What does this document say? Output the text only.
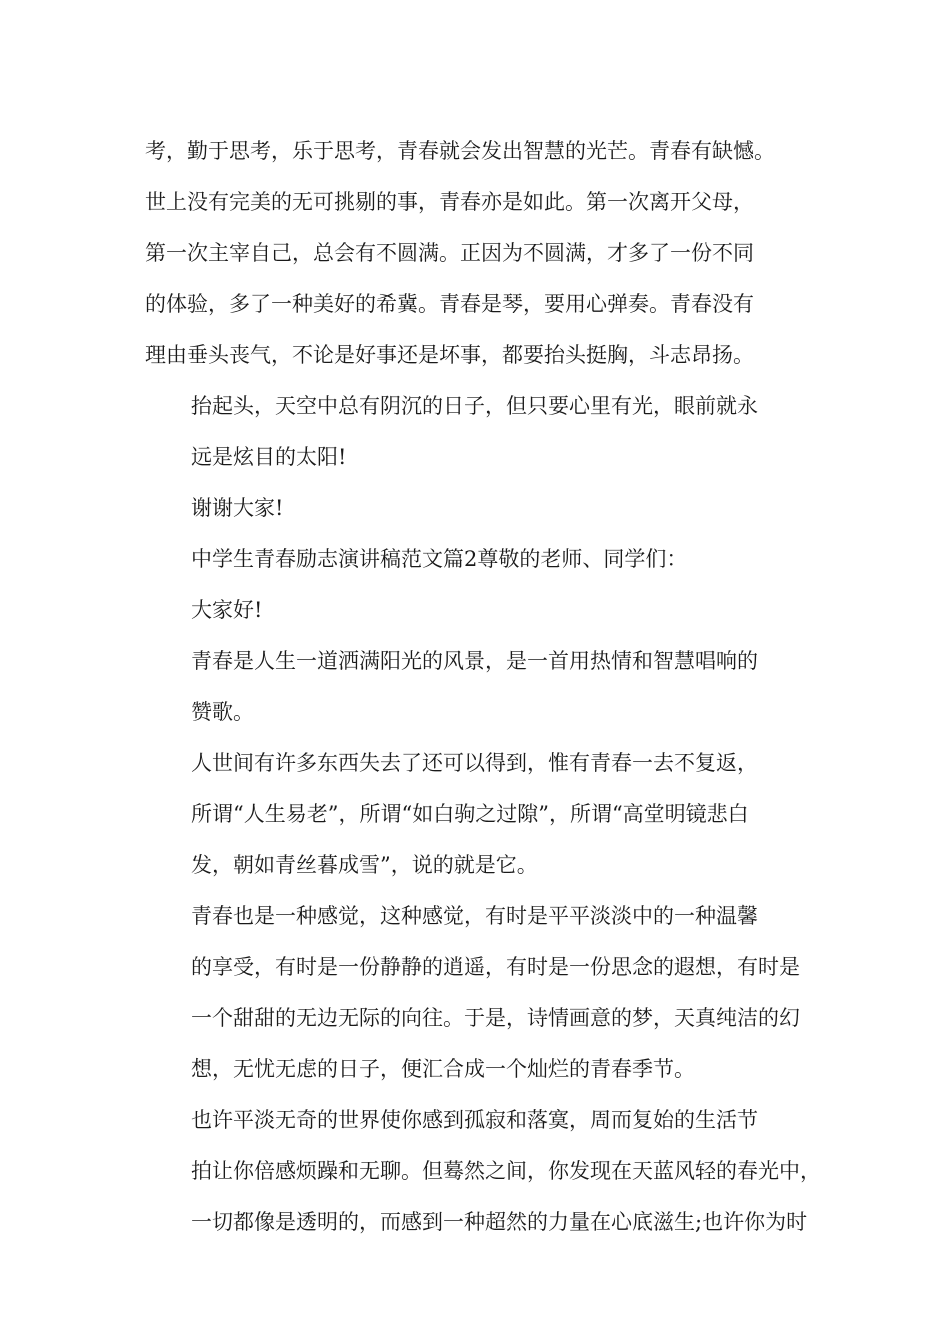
考，勤于思考，乐于思考，青春就会发出智慧的光芒。青春有缺憾。
世上没有完美的无可挑剔的事，青春亦是如此。第一次离开父母，
第一次主宰自己，总会有不圆满。正因为不圆满，才多了一份不同
的体验，多了一种美好的希冀。青春是琴，要用心弹奏。青春没有
理由垂头丧气，不论是好事还是坏事，都要抬头挺胸，斗志昂扬。
抬起头，天空中总有阴沉的日子，但只要心里有光，眼前就永
远是炫目的太阳!
谢谢大家!
中学生青春励志演讲稿范文篇2尊敬的老师、同学们：
大家好!
青春是人生一道洒满阳光的风景，是一首用热情和智慧唱响的
赞歌。
人世间有许多东西失去了还可以得到，惟有青春一去不复返，
所谓“人生易老”，所谓“如白驹之过隙”，所谓“高堂明镜悲白
发，朝如青丝暮成雪”，说的就是它。
青春也是一种感觉，这种感觉，有时是平平淡淡中的一种温馨
的享受，有时是一份静静的逍遥，有时是一份思念的遐想，有时是
一个甜甜的无边无际的向往。于是，诗情画意的梦，天真纯洁的幻
想，无忧无虑的日子，便汇合成一个灿烂的青春季节。
也许平淡无奇的世界使你感到孤寂和落寞，周而复始的生活节
拍让你倍感烦躁和无聊。但蓦然之间，你发现在天蓝风轻的春光中，
一切都像是透明的，而感到一种超然的力量在心底滋生;也许你为时
